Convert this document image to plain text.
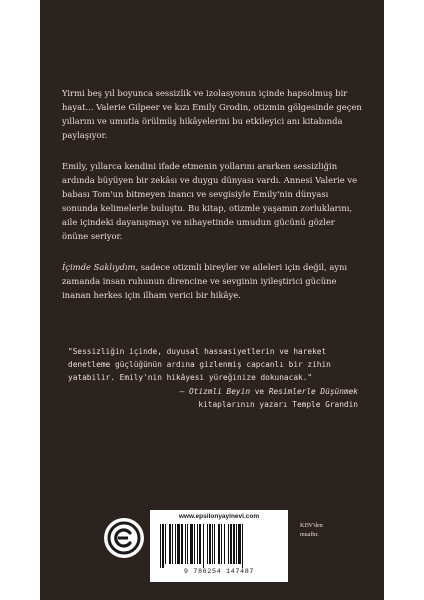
Yirmi beş yıl boyunca sessizlik ve izolasyonun içinde hapsolmuş bir hayat... Valerie Gilpeer ve kızı Emily Grodin, otizmin gölgesinde geçen yıllarını ve umutla örülmüş hikâyelerini bu etkileyici anı kitabında paylaşıyor.

Emily, yıllarca kendini ifade etmenin yollarını ararken sessizliğin ardında büyüyen bir zekâsı ve duygu dünyası vardı. Annesi Valerie ve babası Tom'un bitmeyen inancı ve sevgisiyle Emily'nin dünyası sonunda kelimelerle buluştu. Bu kitap, otizmle yaşamın zorluklarını, aile içindeki dayanışmayı ve nihayetinde umudun gücünü gözler önüne seriyor.

İçimde Saklıydım, sadece otizmli bireyler ve aileleri için değil, aynı zamanda insan ruhunun direncine ve sevginin iyileştirici gücüne inanan herkes için ilham verici bir hikâye.

"Sessizliğin içinde, duyusal hassasiyetlerin ve hareket denetleme güçlüğünün ardına gizlenmiş capcanlı bir zihin yatabilir. Emily'nin hikâyesi yüreğinize dokunacak."

– Otizmli Beyin ve Resimlerle Düşünmek

kitaplarının yazarı Temple Grandin

www.epsilonyayinevi.com
9 786254 147487
KDV'den
muaftır.
